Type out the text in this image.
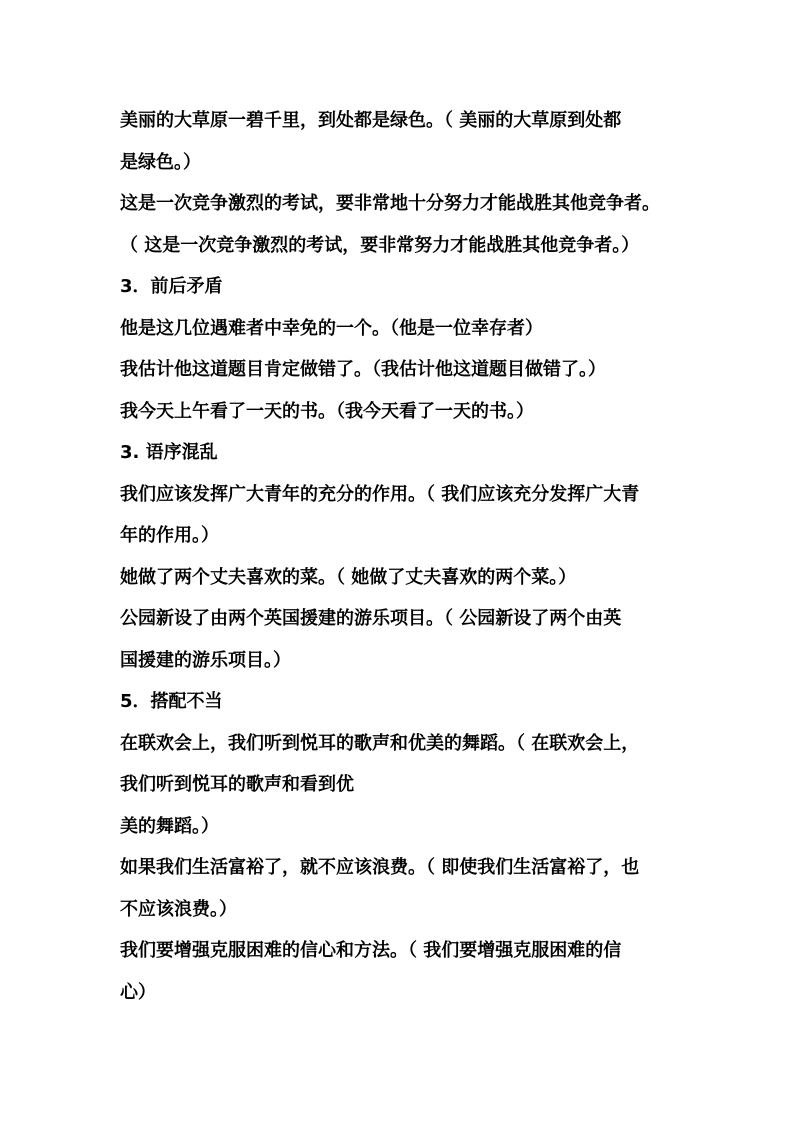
美丽的大草原一碧千里，到处都是绿色。（ 美丽的大草原到处都
是绿色。）
这是一次竞争激烈的考试，要非常地十分努力才能战胜其他竞争者。
（ 这是一次竞争激烈的考试，要非常努力才能战胜其他竞争者。）
3．前后矛盾
他是这几位遇难者中幸免的一个。（他是一位幸存者）
我估计他这道题目肯定做错了。（我估计他这道题目做错了。）
我今天上午看了一天的书。（我今天看了一天的书。）
3. 语序混乱
我们应该发挥广大青年的充分的作用。（ 我们应该充分发挥广大青
年的作用。）
她做了两个丈夫喜欢的菜。（ 她做了丈夫喜欢的两个菜。）
公园新设了由两个英国援建的游乐项目。（ 公园新设了两个由英
国援建的游乐项目。）
5．搭配不当
在联欢会上，我们听到悦耳的歌声和优美的舞蹈。（ 在联欢会上，
我们听到悦耳的歌声和看到优
美的舞蹈。）
如果我们生活富裕了，就不应该浪费。（ 即使我们生活富裕了，也
不应该浪费。）
我们要增强克服困难的信心和方法。（ 我们要增强克服困难的信
心）
